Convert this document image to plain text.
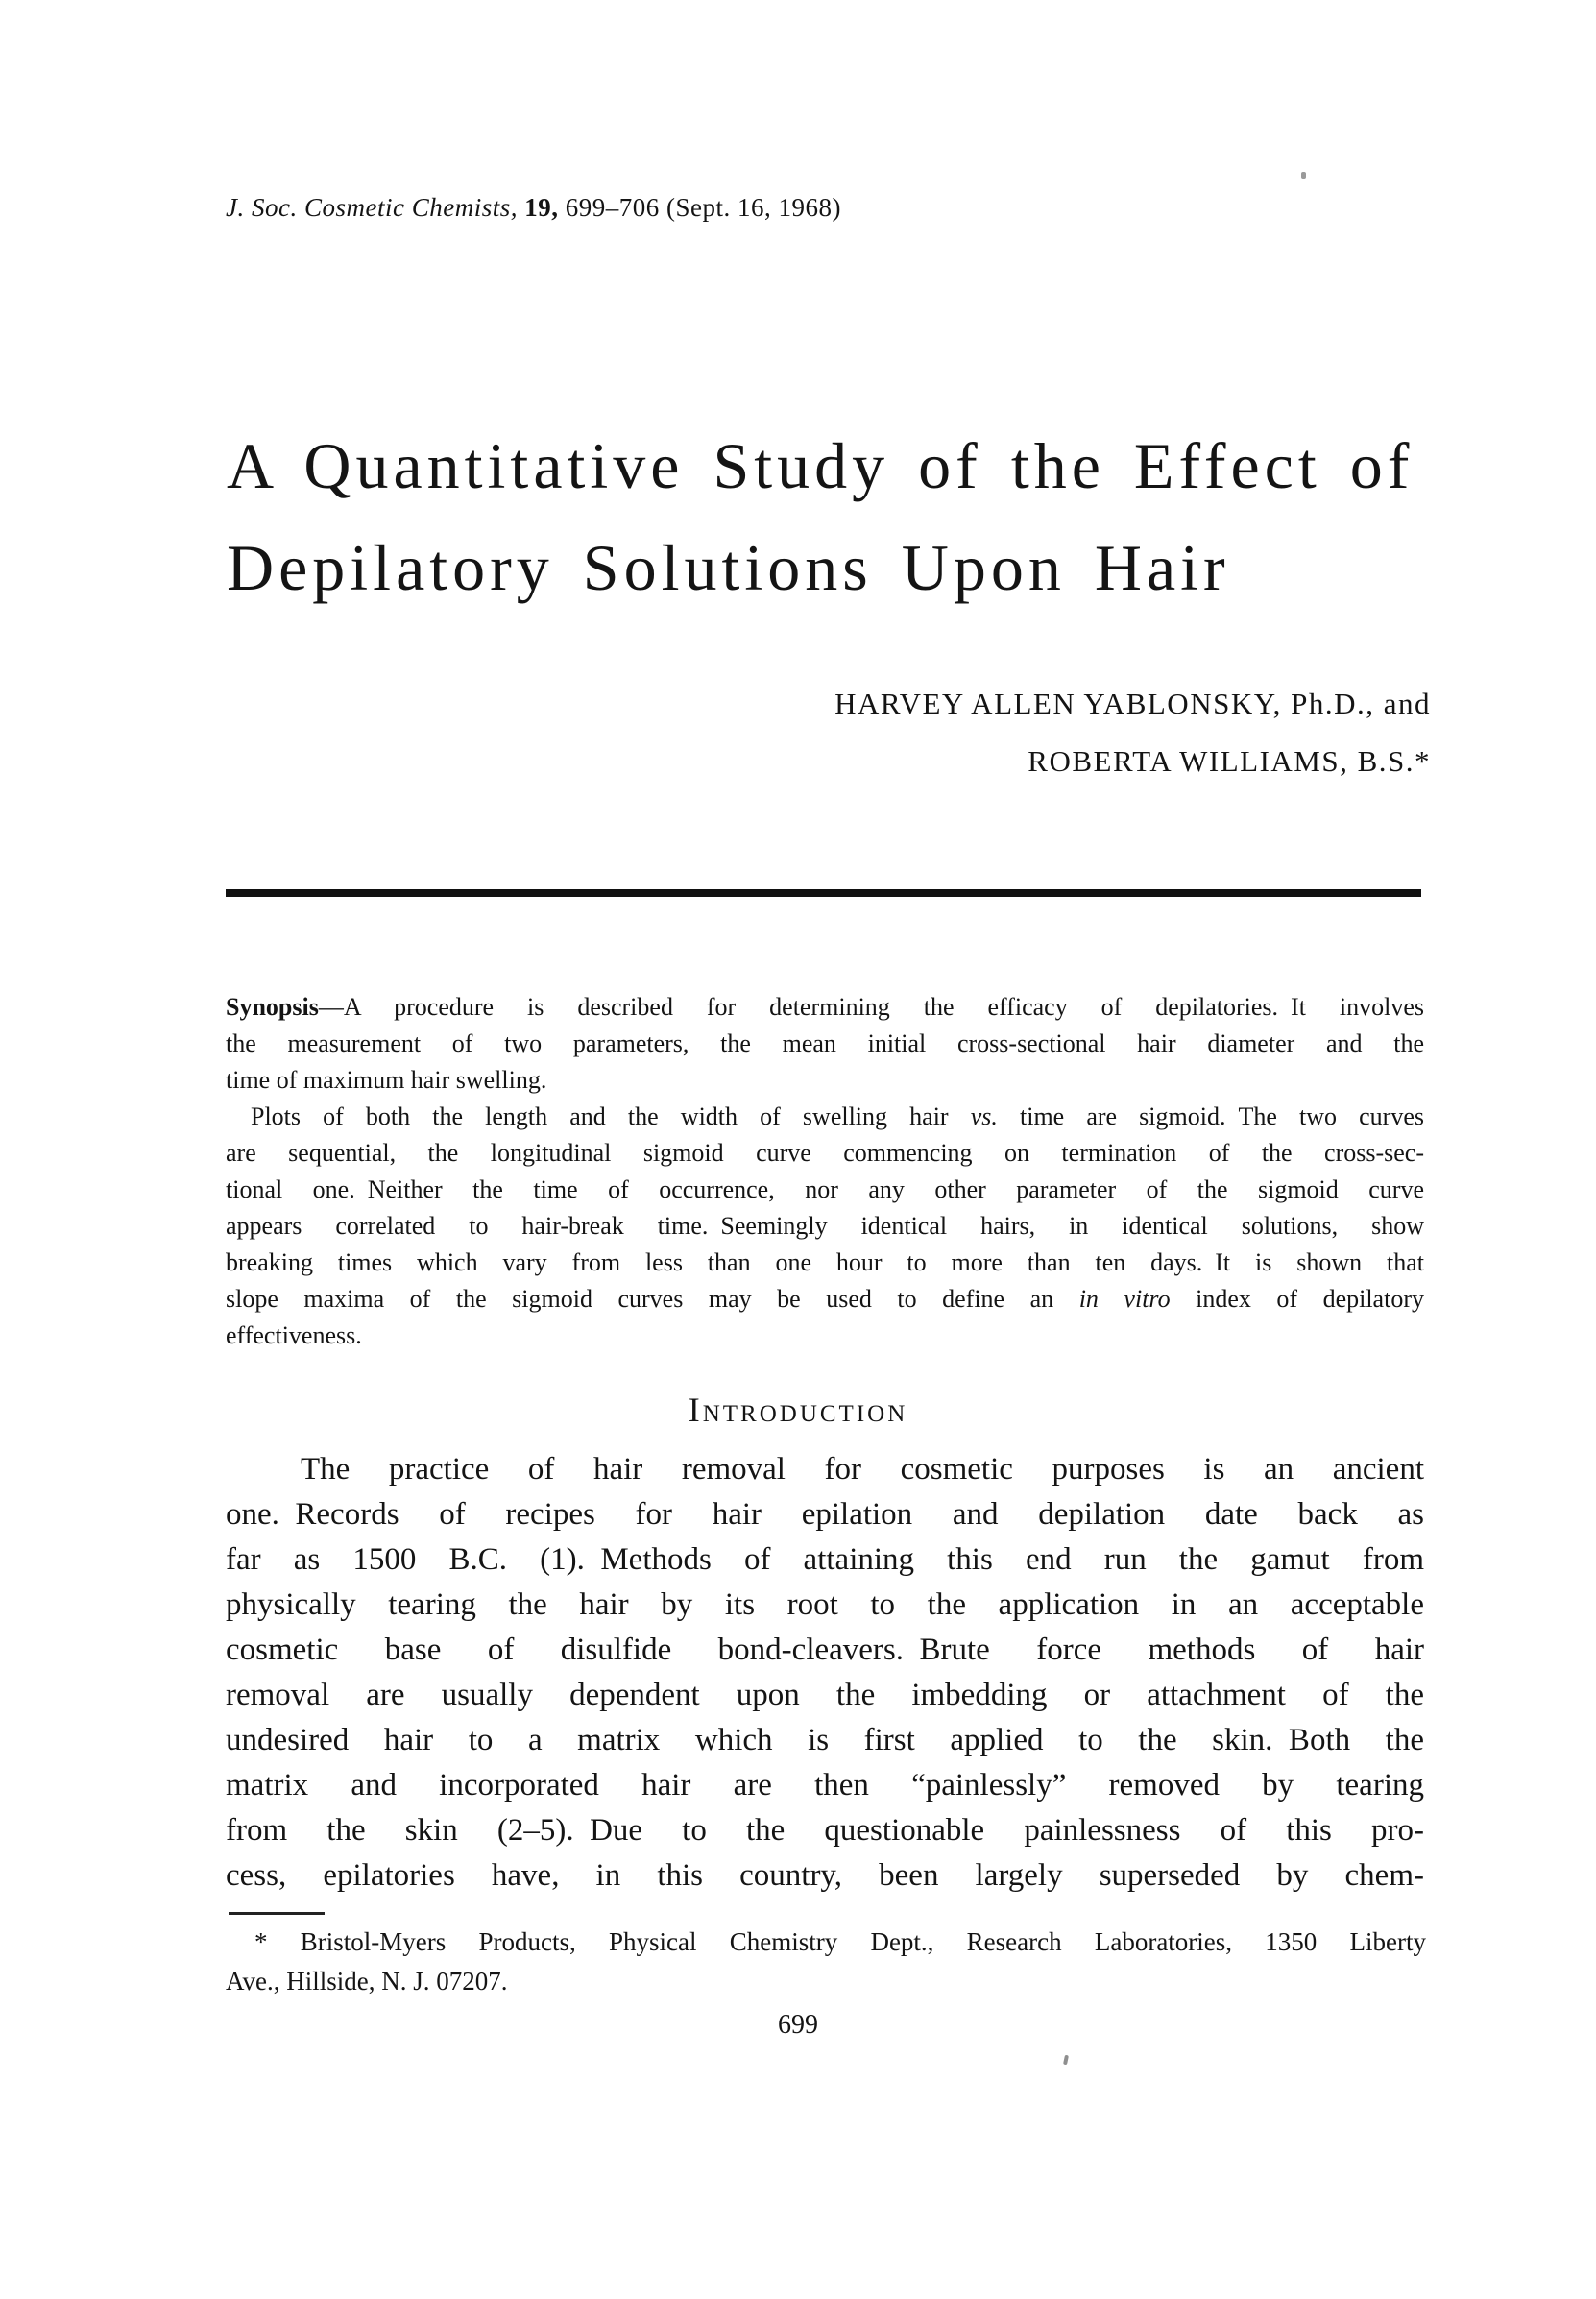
J. Soc. Cosmetic Chemists, 19, 699–706 (Sept. 16, 1968)
A Quantitative Study of the Effect of
Depilatory Solutions Upon Hair
HARVEY ALLEN YABLONSKY, Ph.D., and
ROBERTA WILLIAMS, B.S.*
Synopsis—A procedure is described for determining the efficacy of depilatories. It involves
the measurement of two parameters, the mean initial cross-sectional hair diameter and the
time of maximum hair swelling.
Plots of both the length and the width of swelling hair vs. time are sigmoid. The two curves
are sequential, the longitudinal sigmoid curve commencing on termination of the cross-sec-
tional one. Neither the time of occurrence, nor any other parameter of the sigmoid curve
appears correlated to hair-break time. Seemingly identical hairs, in identical solutions, show
breaking times which vary from less than one hour to more than ten days. It is shown that
slope maxima of the sigmoid curves may be used to define an in vitro index of depilatory
effectiveness.
Introduction
The practice of hair removal for cosmetic purposes is an ancient
one. Records of recipes for hair epilation and depilation date back as
far as 1500 B.C. (1). Methods of attaining this end run the gamut from
physically tearing the hair by its root to the application in an acceptable
cosmetic base of disulfide bond-cleavers. Brute force methods of hair
removal are usually dependent upon the imbedding or attachment of the
undesired hair to a matrix which is first applied to the skin. Both the
matrix and incorporated hair are then “painlessly” removed by tearing
from the skin (2–5). Due to the questionable painlessness of this pro-
cess, epilatories have, in this country, been largely superseded by chem-
* Bristol-Myers Products, Physical Chemistry Dept., Research Laboratories, 1350 Liberty
Ave., Hillside, N. J. 07207.
699
